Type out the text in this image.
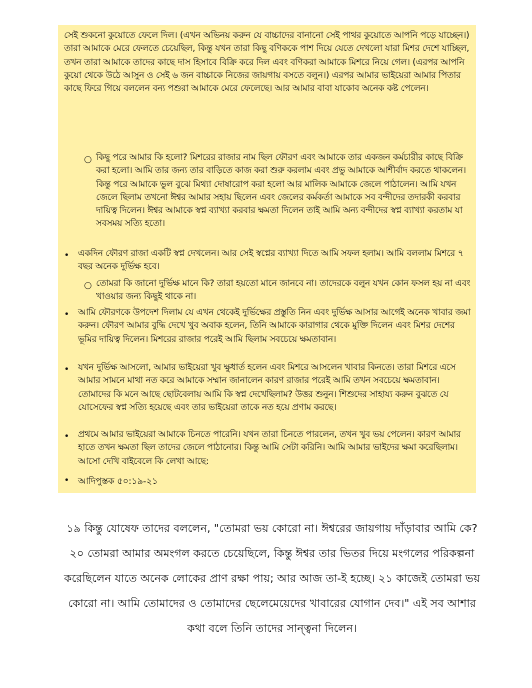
সেই শুকনো কুয়োতে ফেলে দিল। (এখন অভিনয় করুন যে বাচ্চাদের বানানো সেই পাথর কুয়োতে আপনি পড়ে যাচ্ছেন।) তারা আমাকে মেরে ফেলতে চেয়েছিল, কিন্তু যখন তারা কিছু বণিককে পাশ দিয়ে যেতে দেখলো যারা মিশর দেশে যাচ্ছিল, তখন তারা আমাকে তাদের কাছে দাস হিসাবে বিক্রি করে দিল এবং বণিকরা আমাকে মিশরে নিয়ে গেল। (এরপর আপনি কুয়ো থেকে উঠে আসুন ও সেই ৬ জন বাচ্চাকে নিজের জায়গায় বসতে বলুন।) এরপর আমার ভাইয়েরা আমার পিতার কাছে ফিরে গিয়ে বললেন বন্য পশুরা আমাকে মেরে ফেলেছে। আর আমার বাবা যাকোব অনেক কষ্ট পেলেন।
○ কিছু পরে আমার কি হলো? মিশরের রাজার নাম ছিল ফৌরণ এবং আমাকে তার একজন কর্মচারীর কাছে বিক্রি করা হলো। আমি তার জন্য তার বাড়িতে কাজ করা শুরু করলাম এবং প্রভু আমাকে আশীর্বাদ করতে থাকলেন। কিন্তু পরে আমাকে ভুল বুঝে মিথ্যা দোষারোপ করা হলো আর মালিক আমাকে জেলে পাঠালেন। আমি যখন জেলে ছিলাম তখনো ঈশ্বর আমার সহায় ছিলেন এবং জেলের কর্মকর্তা আমাকে সব বন্দীদের তদারকী করবার দায়িত্ব দিলেন। ঈশ্বর আমাকে স্বপ্ন ব্যাখ্যা করবার ক্ষমতা দিলেন তাই আমি অন্য বন্দীদের স্বপ্ন ব্যাখ্যা করতাম যা সবসময় সত্যি হতো।
• একদিন ফৌরণ রাজা একটি স্বপ্ন দেখলেন। আর সেই স্বপ্নের ব্যাখ্যা দিতে আমি সফল হলাম। আমি বললাম মিশরে ৭ বছর অনেক দুর্ভিক্ষ হবে।
○ তোমরা কি জানো দুর্ভিক্ষ মানে কি? তারা হয়তো মানে জানবে না। তাদেরকে বলুন যখন কোন ফসল হয় না এবং খাওয়ার জন্য কিছুই থাকে না।
• আমি ফৌরণকে উপদেশ দিলাম যে এখন থেকেই দুর্ভিক্ষের প্রস্তুতি নিন এবং দুর্ভিক্ষ আসার আগেই অনেক খাবার জমা করুন। ফৌরণ আমার বুদ্ধি দেখে খুব অবাক হলেন, তিনি আমাকে কারাগার থেকে মুক্তি দিলেন এবং মিশর দেশের ভূমির দায়িত্ব দিলেন। মিশরের রাজার পরেই আমি ছিলাম সবচেয়ে ক্ষমতাবান।
• যখন দুর্ভিক্ষ আসলো, আমার ভাইয়েরা খুব ক্ষুধার্ত হলেন এবং মিশরে আসলেন খাবার কিনতে। তারা মিশরে এসে আমার সামনে মাথা নত করে আমাকে সম্মান জানালেন কারণ রাজার পরেই আমি তখন সবচেয়ে ক্ষমতাবান। তোমাদের কি মনে আছে ছোটবেলায় আমি কি স্বপ্ন দেখেছিলাম? উত্তর শুনুন। শিশুদের সাহায্য করুন বুঝতে যে যোসেফের স্বপ্ন সত্যি হয়েছে এবং তার ভাইয়েরা তাকে নত হয়ে প্রণাম করছে।
• প্রথমে আমার ভাইয়েরা আমাকে চিনতে পারেনি। যখন তারা চিনতে পারলেন, তখন খুব ভয় পেলেন। কারণ আমার হাতে তখন ক্ষমতা ছিল তাদের জেলে পাঠানোর। কিন্তু আমি সেটা করিনি। আমি আমার ভাইদের ক্ষমা করেছিলাম। আসো দেখি বাইবেলে কি লেখা আছে:
• আদিপুস্তক ৫০:১৯-২১
১৯ কিন্তু যোষেফ তাদের বললেন, "তোমরা ভয় কোরো না। ঈশ্বরের জায়গায় দাঁড়াবার আমি কে? ২০ তোমরা আমার অমংগল করতে চেয়েছিলে, কিন্তু ঈশ্বর তার ভিতর দিয়ে মংগলের পরিকল্পনা করেছিলেন যাতে অনেক লোকের প্রাণ রক্ষা পায়; আর আজ তা-ই হচ্ছে। ২১ কাজেই তোমরা ভয় কোরো না। আমি তোমাদের ও তোমাদের ছেলেমেয়েদের খাবারের যোগান দেব।" এই সব আশার কথা বলে তিনি তাদের সান্ত্বনা দিলেন।
